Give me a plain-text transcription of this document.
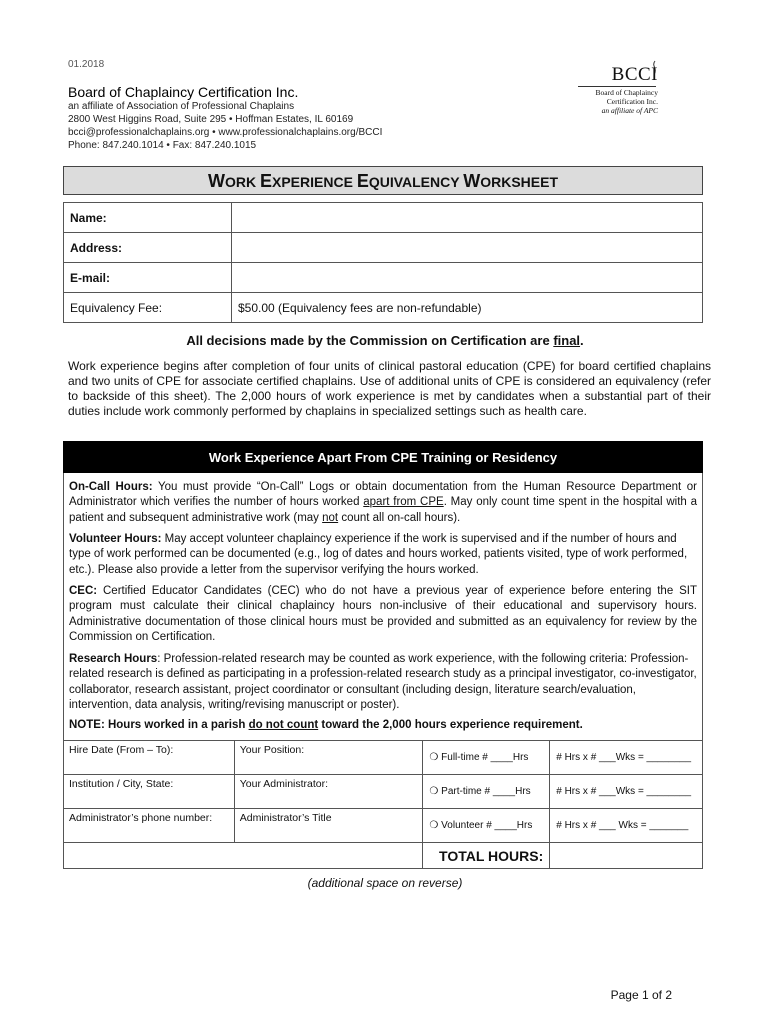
01.2018
Board of Chaplaincy Certification Inc.
an affiliate of Association of Professional Chaplains
2800 West Higgins Road, Suite 295 • Hoffman Estates, IL 60169
bcci@professionalchaplains.org • www.professionalchaplains.org/BCCI
Phone: 847.240.1014 • Fax: 847.240.1015
BCCI
Board of Chaplaincy
Certification Inc.
an affiliate of APC
WORK EXPERIENCE EQUIVALENCY WORKSHEET
Name:	
Address:	
E-mail:	
Equivalency Fee:	$50.00 (Equivalency fees are non-refundable)
All decisions made by the Commission on Certification are final.
Work experience begins after completion of four units of clinical pastoral education (CPE) for board certified chaplains and two units of CPE for associate certified chaplains. Use of additional units of CPE is considered an equivalency (refer to backside of this sheet). The 2,000 hours of work experience is met by candidates when a substantial part of their duties include work commonly performed by chaplains in specialized settings such as health care.
Work Experience Apart From CPE Training or Residency
On-Call Hours: You must provide “On-Call” Logs or obtain documentation from the Human Resource Department or Administrator which verifies the number of hours worked apart from CPE. May only count time spent in the hospital with a patient and subsequent administrative work (may not count all on-call hours).
Volunteer Hours: May accept volunteer chaplaincy experience if the work is supervised and if the number of hours and type of work performed can be documented (e.g., log of dates and hours worked, patients visited, type of work performed, etc.). Please also provide a letter from the supervisor verifying the hours worked.
CEC: Certified Educator Candidates (CEC) who do not have a previous year of experience before entering the SIT program must calculate their clinical chaplaincy hours non-inclusive of their educational and supervisory hours. Administrative documentation of those clinical hours must be provided and submitted as an equivalency for review by the Commission on Certification.
Research Hours: Profession-related research may be counted as work experience, with the following criteria: Profession-related research is defined as participating in a profession-related research study as a principal investigator, co-investigator, collaborator, research assistant, project coordinator or consultant (including design, literature search/evaluation, intervention, data analysis, writing/revising manuscript or poster).
NOTE: Hours worked in a parish do not count toward the 2,000 hours experience requirement.
Hire Date (From – To):	Your Position:	❍ Full-time # ____Hrs	# Hrs x # ___Wks = ________
Institution / City, State:	Your Administrator:	❍ Part-time # ____Hrs	# Hrs x # ___Wks = ________
Administrator’s phone number:	Administrator’s Title	❍ Volunteer # ____Hrs	# Hrs x # ___ Wks = _______
		TOTAL HOURS:	
(additional space on reverse)
Page 1 of 2
